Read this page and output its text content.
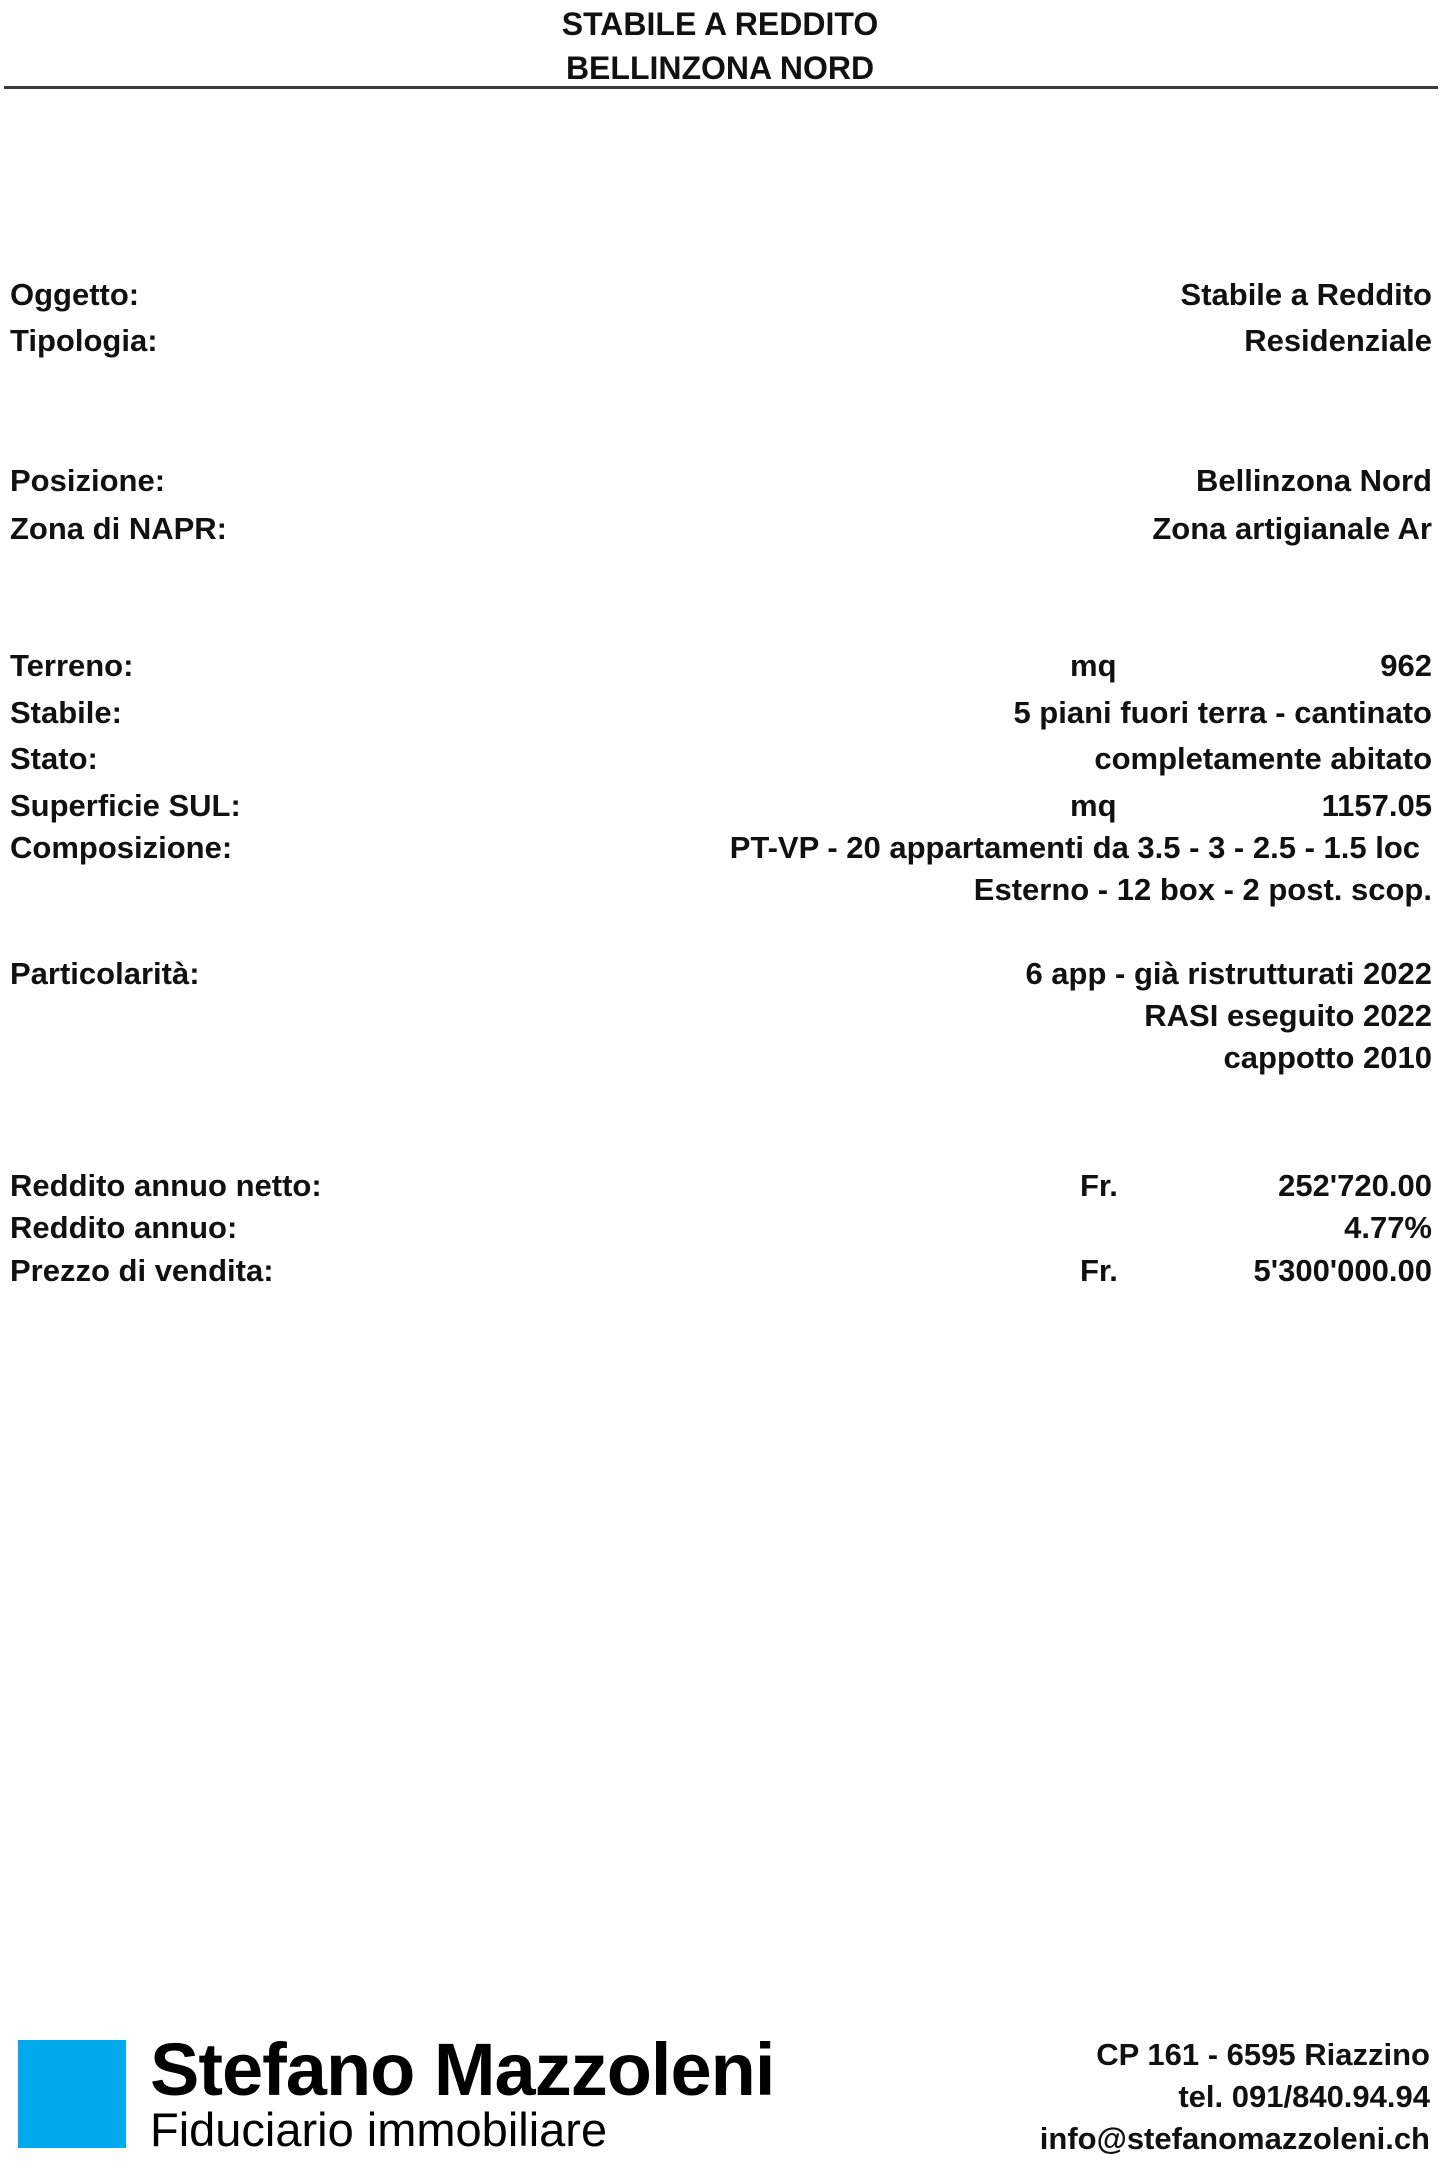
STABILE A REDDITO
BELLINZONA NORD
Oggetto:	Stabile a Reddito
Tipologia:	Residenziale
Posizione:	Bellinzona Nord
Zona di NAPR:	Zona artigianale Ar
Terreno:	mq	962
Stabile:	5 piani fuori terra - cantinato
Stato:	completamente abitato
Superficie SUL:	mq	1157.05
Composizione:	PT-VP - 20 appartamenti da 3.5 - 3 - 2.5 - 1.5 loc
Esterno - 12 box - 2 post. scop.
Particolarità:	6 app - già ristrutturati 2022
RASI eseguito 2022
cappotto 2010
Reddito annuo netto:	Fr.	252'720.00
Reddito annuo:	4.77%
Prezzo di vendita:	Fr.	5'300'000.00
Stefano Mazzoleni
Fiduciario immobiliare
CP 161 - 6595 Riazzino
tel. 091/840.94.94
info@stefanomazzoleni.ch
